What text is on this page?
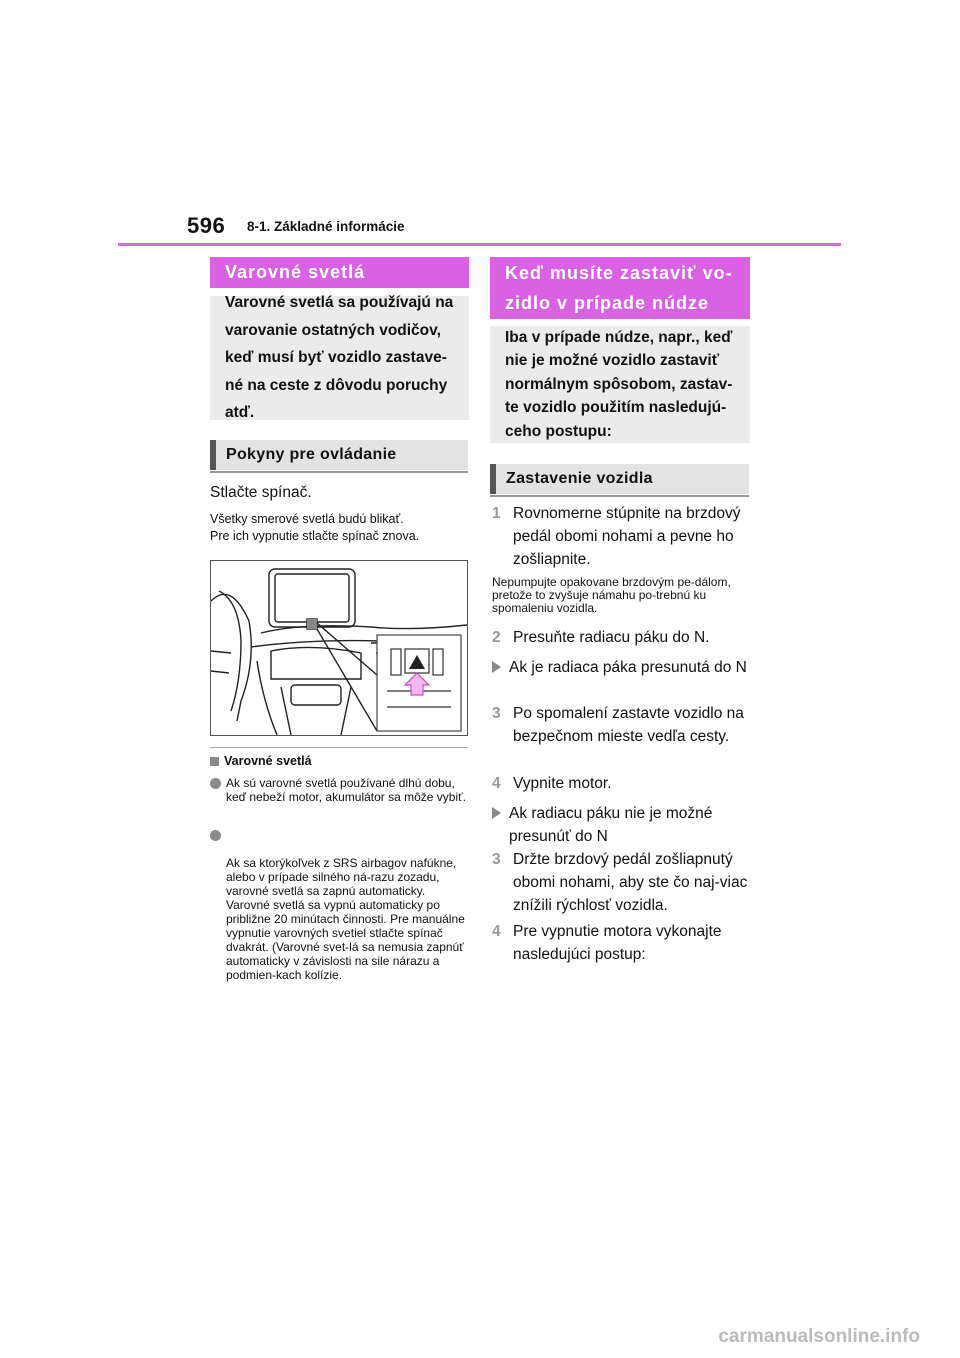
596 8-1. Základné informácie
Varovné svetlá
Varovné svetlá sa používajú na varovanie ostatných vodičov, keď musí byť vozidlo zastave-né na ceste z dôvodu poruchy atď.
Pokyny pre ovládanie
Stlačte spínač.
Všetky smerové svetlá budú blikať.
Pre ich vypnutie stlačte spínač znova.
Varovné svetlá
Ak sú varovné svetlá používané dlhú dobu, keď nebeží motor, akumulátor sa môže vybiť.

Ak sa ktorýkoľvek z SRS airbagov nafúkne, alebo v prípade silného ná-razu zozadu, varovné svetlá sa zapnú automaticky.
Varovné svetlá sa vypnú automaticky po približne 20 minútach činnosti. Pre manuálne vypnutie varovných svetiel stlačte spínač dvakrát. (Varovné svet-lá sa nemusia zapnúť automaticky v závislosti na sile nárazu a podmien-kach kolízie.

Keď musíte zastaviť vo-
zidlo v prípade núdze
Iba v prípade núdze, napr., keď nie je možné vozidlo zastaviť normálnym spôsobom, zastav-te vozidlo použitím nasledujú-ceho postupu:
Zastavenie vozidla
1 Rovnomerne stúpnite na brzdový pedál obomi nohami a pevne ho zošliapnite.
Nepumpujte opakovane brzdovým pe-dálom, pretože to zvyšuje námahu po-trebnú ku spomaleniu vozidla.
2 Presuňte radiacu páku do N.
Ak je radiaca páka presunutá do N
3 Po spomalení zastavte vozidlo na bezpečnom mieste vedľa cesty.
4 Vypnite motor.
Ak radiacu páku nie je možné presunúť do N
3 Držte brzdový pedál zošliapnutý obomi nohami, aby ste čo naj-viac znížili rýchlosť vozidla.
4 Pre vypnutie motora vykonajte nasledujúci postup:
carmanualsonline.info
